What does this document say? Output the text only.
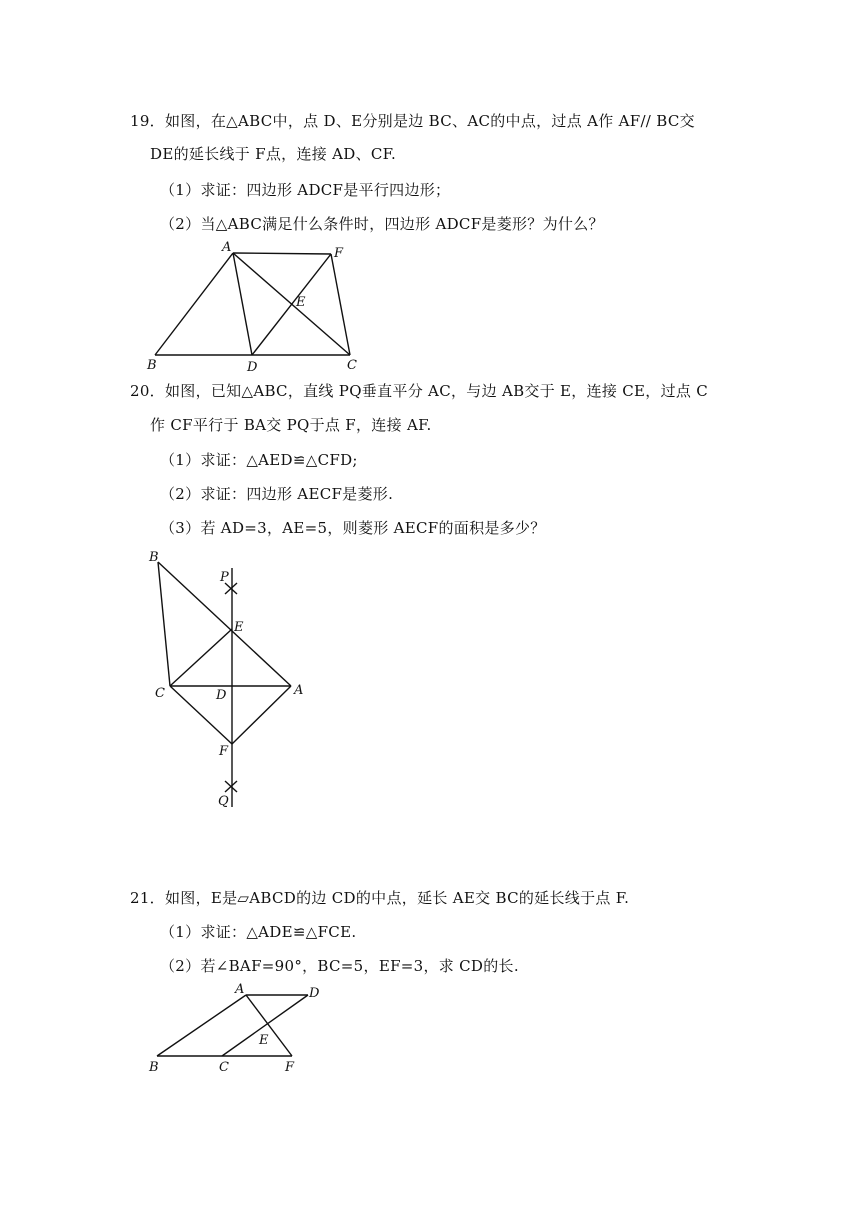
19．如图，在△ABC中，点 D、E分别是边 BC、AC的中点，过点 A作 AF// BC交
DE的延长线于 F点，连接 AD、CF.
（1）求证：四边形 ADCF是平行四边形；
（2）当△ABC满足什么条件时，四边形 ADCF是菱形？为什么？
A	F
E
B	D	C
20．如图，已知△ABC，直线 PQ垂直平分 AC，与边 AB交于 E，连接 CE，过点 C
作 CF平行于 BA交 PQ于点 F，连接 AF.
（1）求证：△AED≌△CFD;
（2）求证：四边形 AECF是菱形.
（3）若 AD=3，AE=5，则菱形 AECF的面积是多少？
B
P
E
C	D	A
F
Q
21．如图，E是▱ABCD的边 CD的中点，延长 AE交 BC的延长线于点 F.
（1）求证：△ADE≌△FCE.
（2）若∠BAF=90°，BC=5，EF=3，求 CD的长.
A	D
E
B	C	F
